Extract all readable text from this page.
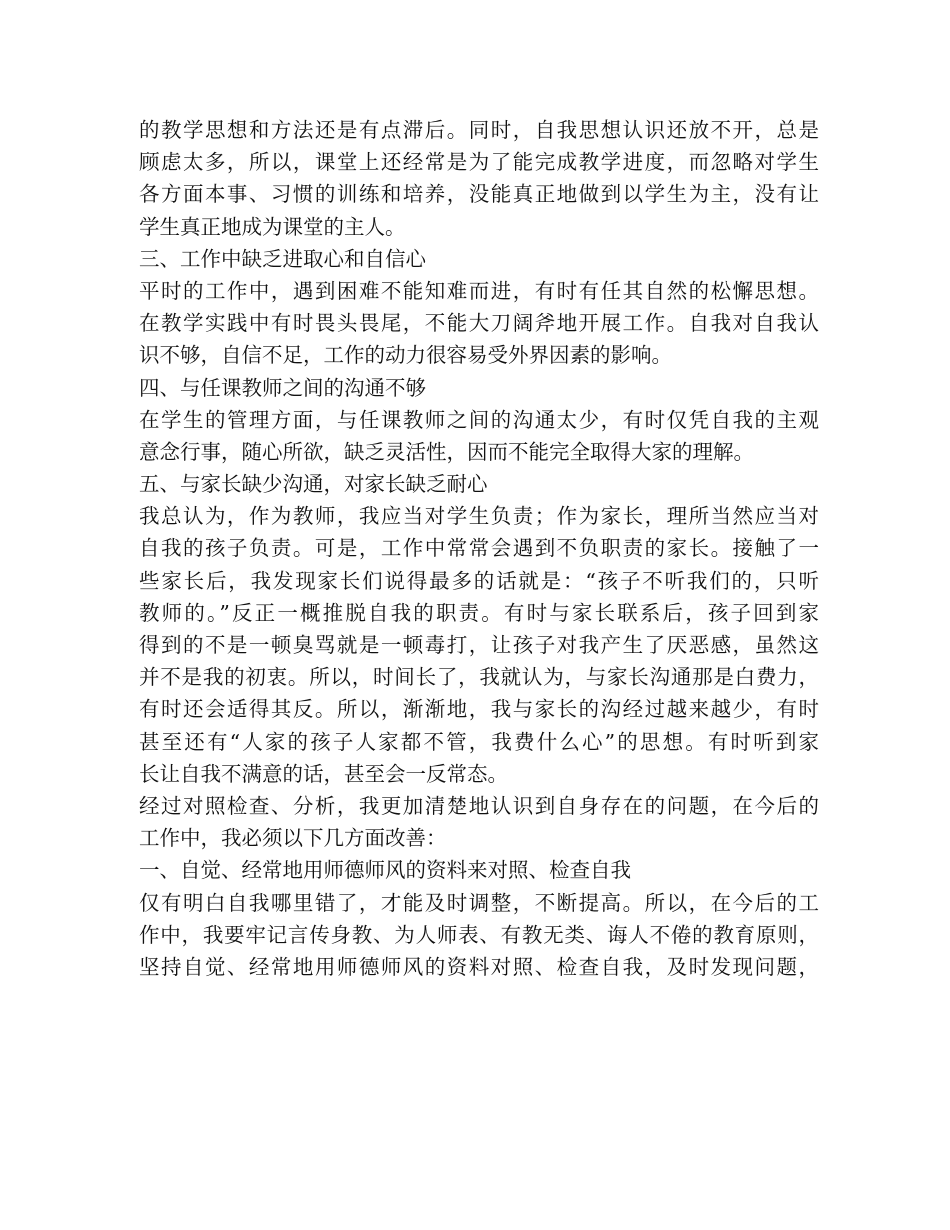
的教学思想和方法还是有点滞后。同时，自我思想认识还放不开，总是
顾虑太多，所以，课堂上还经常是为了能完成教学进度，而忽略对学生
各方面本事、习惯的训练和培养，没能真正地做到以学生为主，没有让
学生真正地成为课堂的主人。
三、工作中缺乏进取心和自信心
平时的工作中，遇到困难不能知难而进，有时有任其自然的松懈思想。
在教学实践中有时畏头畏尾，不能大刀阔斧地开展工作。自我对自我认
识不够，自信不足，工作的动力很容易受外界因素的影响。
四、与任课教师之间的沟通不够
在学生的管理方面，与任课教师之间的沟通太少，有时仅凭自我的主观
意念行事，随心所欲，缺乏灵活性，因而不能完全取得大家的理解。
五、与家长缺少沟通，对家长缺乏耐心
我总认为，作为教师，我应当对学生负责；作为家长，理所当然应当对
自我的孩子负责。可是，工作中常常会遇到不负职责的家长。接触了一
些家长后，我发现家长们说得最多的话就是：“孩子不听我们的，只听
教师的。”反正一概推脱自我的职责。有时与家长联系后，孩子回到家
得到的不是一顿臭骂就是一顿毒打，让孩子对我产生了厌恶感，虽然这
并不是我的初衷。所以，时间长了，我就认为，与家长沟通那是白费力，
有时还会适得其反。所以，渐渐地，我与家长的沟经过越来越少，有时
甚至还有“人家的孩子人家都不管，我费什么心”的思想。有时听到家
长让自我不满意的话，甚至会一反常态。
经过对照检查、分析，我更加清楚地认识到自身存在的问题，在今后的
工作中，我必须以下几方面改善：
一、自觉、经常地用师德师风的资料来对照、检查自我
仅有明白自我哪里错了，才能及时调整，不断提高。所以，在今后的工
作中，我要牢记言传身教、为人师表、有教无类、诲人不倦的教育原则，
坚持自觉、经常地用师德师风的资料对照、检查自我，及时发现问题，
